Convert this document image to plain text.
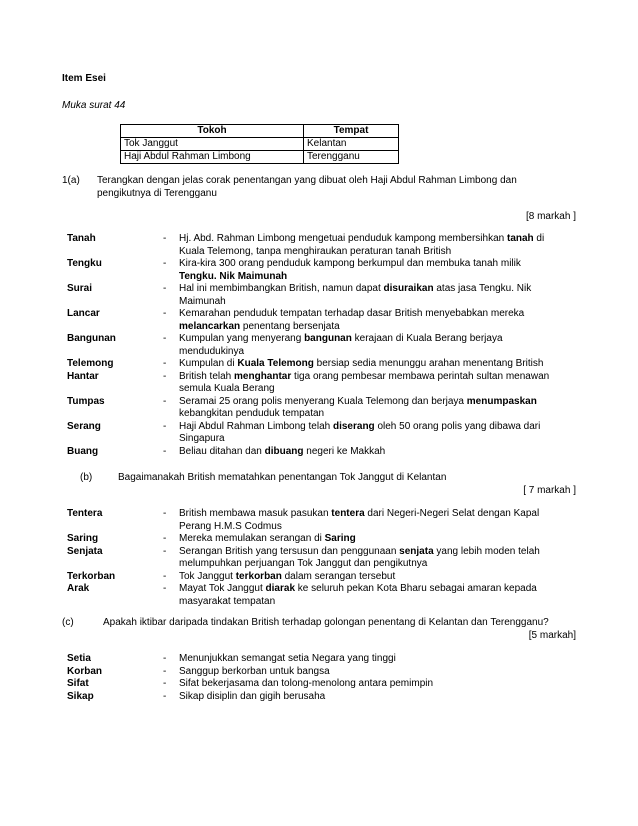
Item Esei
Muka surat 44
Tokoh	Tempat
Tok Janggut	Kelantan
Haji Abdul Rahman Limbong	Terengganu
1(a) Terangkan dengan jelas corak penentangan yang dibuat oleh Haji Abdul Rahman Limbong dan
pengikutnya di Terengganu
[8 markah ]
Tanah	-	Hj. Abd. Rahman Limbong mengetuai penduduk kampong membersihkan tanah di
Kuala Telemong, tanpa menghiraukan peraturan tanah British
Tengku	-	Kira-kira 300 orang penduduk kampong berkumpul dan membuka tanah milik
Tengku. Nik Maimunah
Surai	-	Hal ini membimbangkan British, namun dapat disuraikan atas jasa Tengku. Nik
Maimunah
Lancar	-	Kemarahan penduduk tempatan terhadap dasar British menyebabkan mereka
melancarkan penentang bersenjata
Bangunan	-	Kumpulan yang menyerang bangunan kerajaan di Kuala Berang berjaya
mendudukinya
Telemong	-	Kumpulan di Kuala Telemong bersiap sedia menunggu arahan menentang British
Hantar	-	British telah menghantar tiga orang pembesar membawa perintah sultan menawan
semula Kuala Berang
Tumpas	-	Seramai 25 orang polis menyerang Kuala Telemong dan berjaya menumpaskan
kebangkitan penduduk tempatan
Serang	-	Haji Abdul Rahman Limbong telah diserang oleh 50 orang polis yang dibawa dari
Singapura
Buang	-	Beliau ditahan dan dibuang negeri ke Makkah
(b)	Bagaimanakah British mematahkan penentangan Tok Janggut di Kelantan
[ 7 markah ]
Tentera	-	British membawa masuk pasukan tentera dari Negeri-Negeri Selat dengan Kapal
Perang H.M.S Codmus
Saring	-	Mereka memulakan serangan di Saring
Senjata	-	Serangan British yang tersusun dan penggunaan senjata yang lebih moden telah
melumpuhkan perjuangan Tok Janggut dan pengikutnya
Terkorban	-	Tok Janggut terkorban dalam serangan tersebut
Arak	-	Mayat Tok Janggut diarak ke seluruh pekan Kota Bharu sebagai amaran kepada
masyarakat tempatan
(c)	Apakah iktibar daripada tindakan British terhadap golongan penentang di Kelantan dan Terengganu?
[5 markah]
Setia	-	Menunjukkan semangat setia Negara yang tinggi
Korban	-	Sanggup berkorban untuk bangsa
Sifat	-	Sifat bekerjasama dan tolong-menolong antara pemimpin
Sikap	-	Sikap disiplin dan gigih berusaha
